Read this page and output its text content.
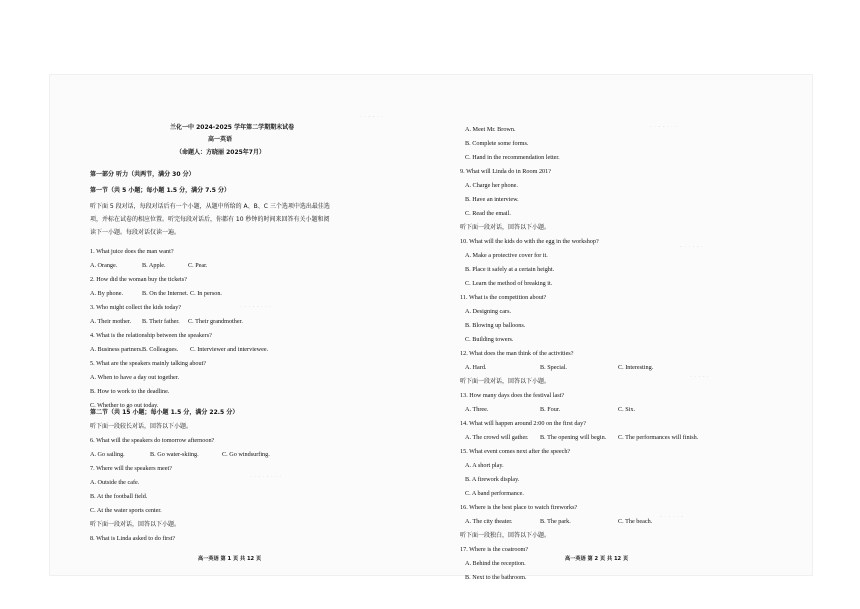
兰化一中 2024-2025 学年第二学期期末试卷
高一英语
（命题人：方晓丽 2025年7月）
第一部分 听力（共两节，满分 30 分）
第一节（共 5 小题；每小题 1.5 分，满分 7.5 分）
听下面 5 段对话，每段对话后有一个小题，从题中所给的 A、B、C 三个选项中选出最佳选
项，并标在试卷的相应位置。听完每段对话后，你都有 10 秒钟的时间来回答有关小题和阅
读下一小题。每段对话仅读一遍。
1. What juice does the man want?
A. Orange.	B. Apple.	C. Pear.
2. How did the woman buy the tickets?
A. By phone.	B. On the Internet. C. In person.
3. Who might collect the kids today?
A. Their mother. B. Their father. C. Their grandmother.
4. What is the relationship between the speakers?
A. Business partners. B. Colleagues. C. Interviewer and interviewee.
5. What are the speakers mainly talking about?
A. When to have a day out together.
B. How to work to the deadline.
C. Whether to go out today.
第二节（共 15 小题；每小题 1.5 分，满分 22.5 分）
听下面一段较长对话，回答以下小题。
6. What will the speakers do tomorrow afternoon?
A. Go sailing.	B. Go water-skiing.	C. Go windsurfing.
7. Where will the speakers meet?
A. Outside the cafe.
B. At the football field.
C. At the water sports center.
8. What is Linda asked to do first?
听下面一段对话，回答以下小题。
高一英语 第 1 页 共 12 页
· · - - · ·
· · · - - · · ·
· · - · - · · ·
A. Meet Mr. Brown.
B. Complete some forms.
C. Hand in the recommendation letter.
9. What will Linda do in Room 201?
A. Charge her phone.
B. Have an interview.
C. Read the email.
听下面一段对话，回答以下小题。
10. What will the kids do with the egg in the workshop?
A. Make a protective cover for it.
B. Place it safely at a certain height.
C. Learn the method of breaking it.
11. What is the competition about?
A. Designing cars.
B. Blowing up balloons.
C. Building towers.
12. What does the man think of the activities?
A. Hard.	B. Special.	C. Interesting.
听下面一段对话，回答以下小题。
13. How many days does the festival last?
A. Three.	B. Four.	C. Six.
14. What will happen around 2:00 on the first day?
A. The crowd will gather. B. The opening will begin. C. The performances will finish.
15. What event comes next after the speech?
A. A short play.
B. A firework display.
C. A band performance.
16. Where is the best place to watch fireworks?
A. The city theater.	B. The park.	C. The beach.
听下面一段独白，回答以下小题。
17. Where is the coatroom?
A. Behind the reception.
B. Next to the bathroom.
高一英语 第 2 页 共 12 页
· · - - · · ·
- · · · - ·
· · · - ·
- · · · · -
